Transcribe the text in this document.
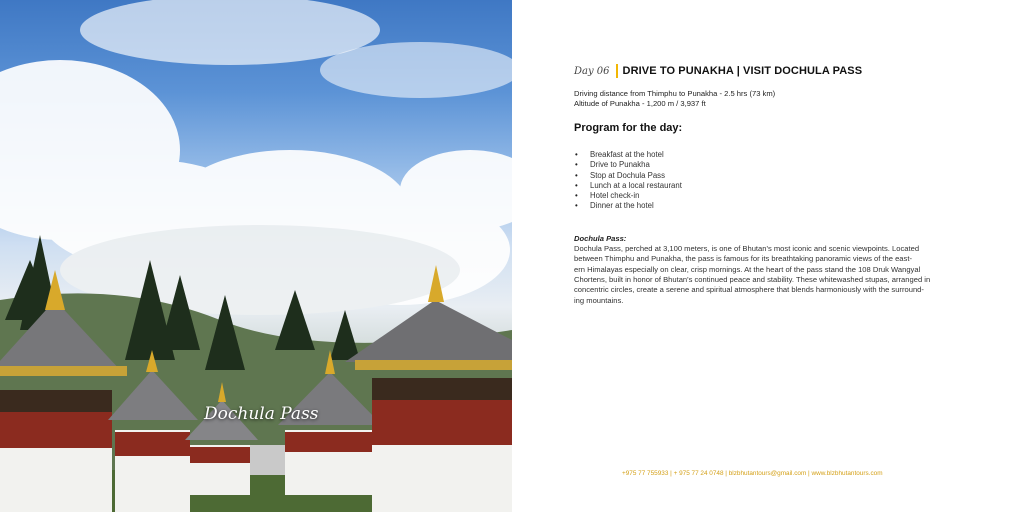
Dochula Pass
Day 06 DRIVE TO PUNAKHA | VISIT DOCHULA PASS
Driving distance from Thimphu to Punakha - 2.5 hrs (73 km)
Altitude of Punakha - 1,200 m / 3,937 ft
Program for the day:
• Breakfast at the hotel
• Drive to Punakha
• Stop at Dochula Pass
• Lunch at a local restaurant
• Hotel check-in
• Dinner at the hotel
Dochula Pass:
Dochula Pass, perched at 3,100 meters, is one of Bhutan's most iconic and scenic viewpoints. Located
between Thimphu and Punakha, the pass is famous for its breathtaking panoramic views of the east-
ern Himalayas especially on clear, crisp mornings. At the heart of the pass stand the 108 Druk Wangyal
Chortens, built in honor of Bhutan's continued peace and stability. These whitewashed stupas, arranged in
concentric circles, create a serene and spiritual atmosphere that blends harmoniously with the surround-
ing mountains.
+975 77 755933 | + 975 77 24 0748 | blzbhutantours@gmail.com | www.blzbhutantours.com
